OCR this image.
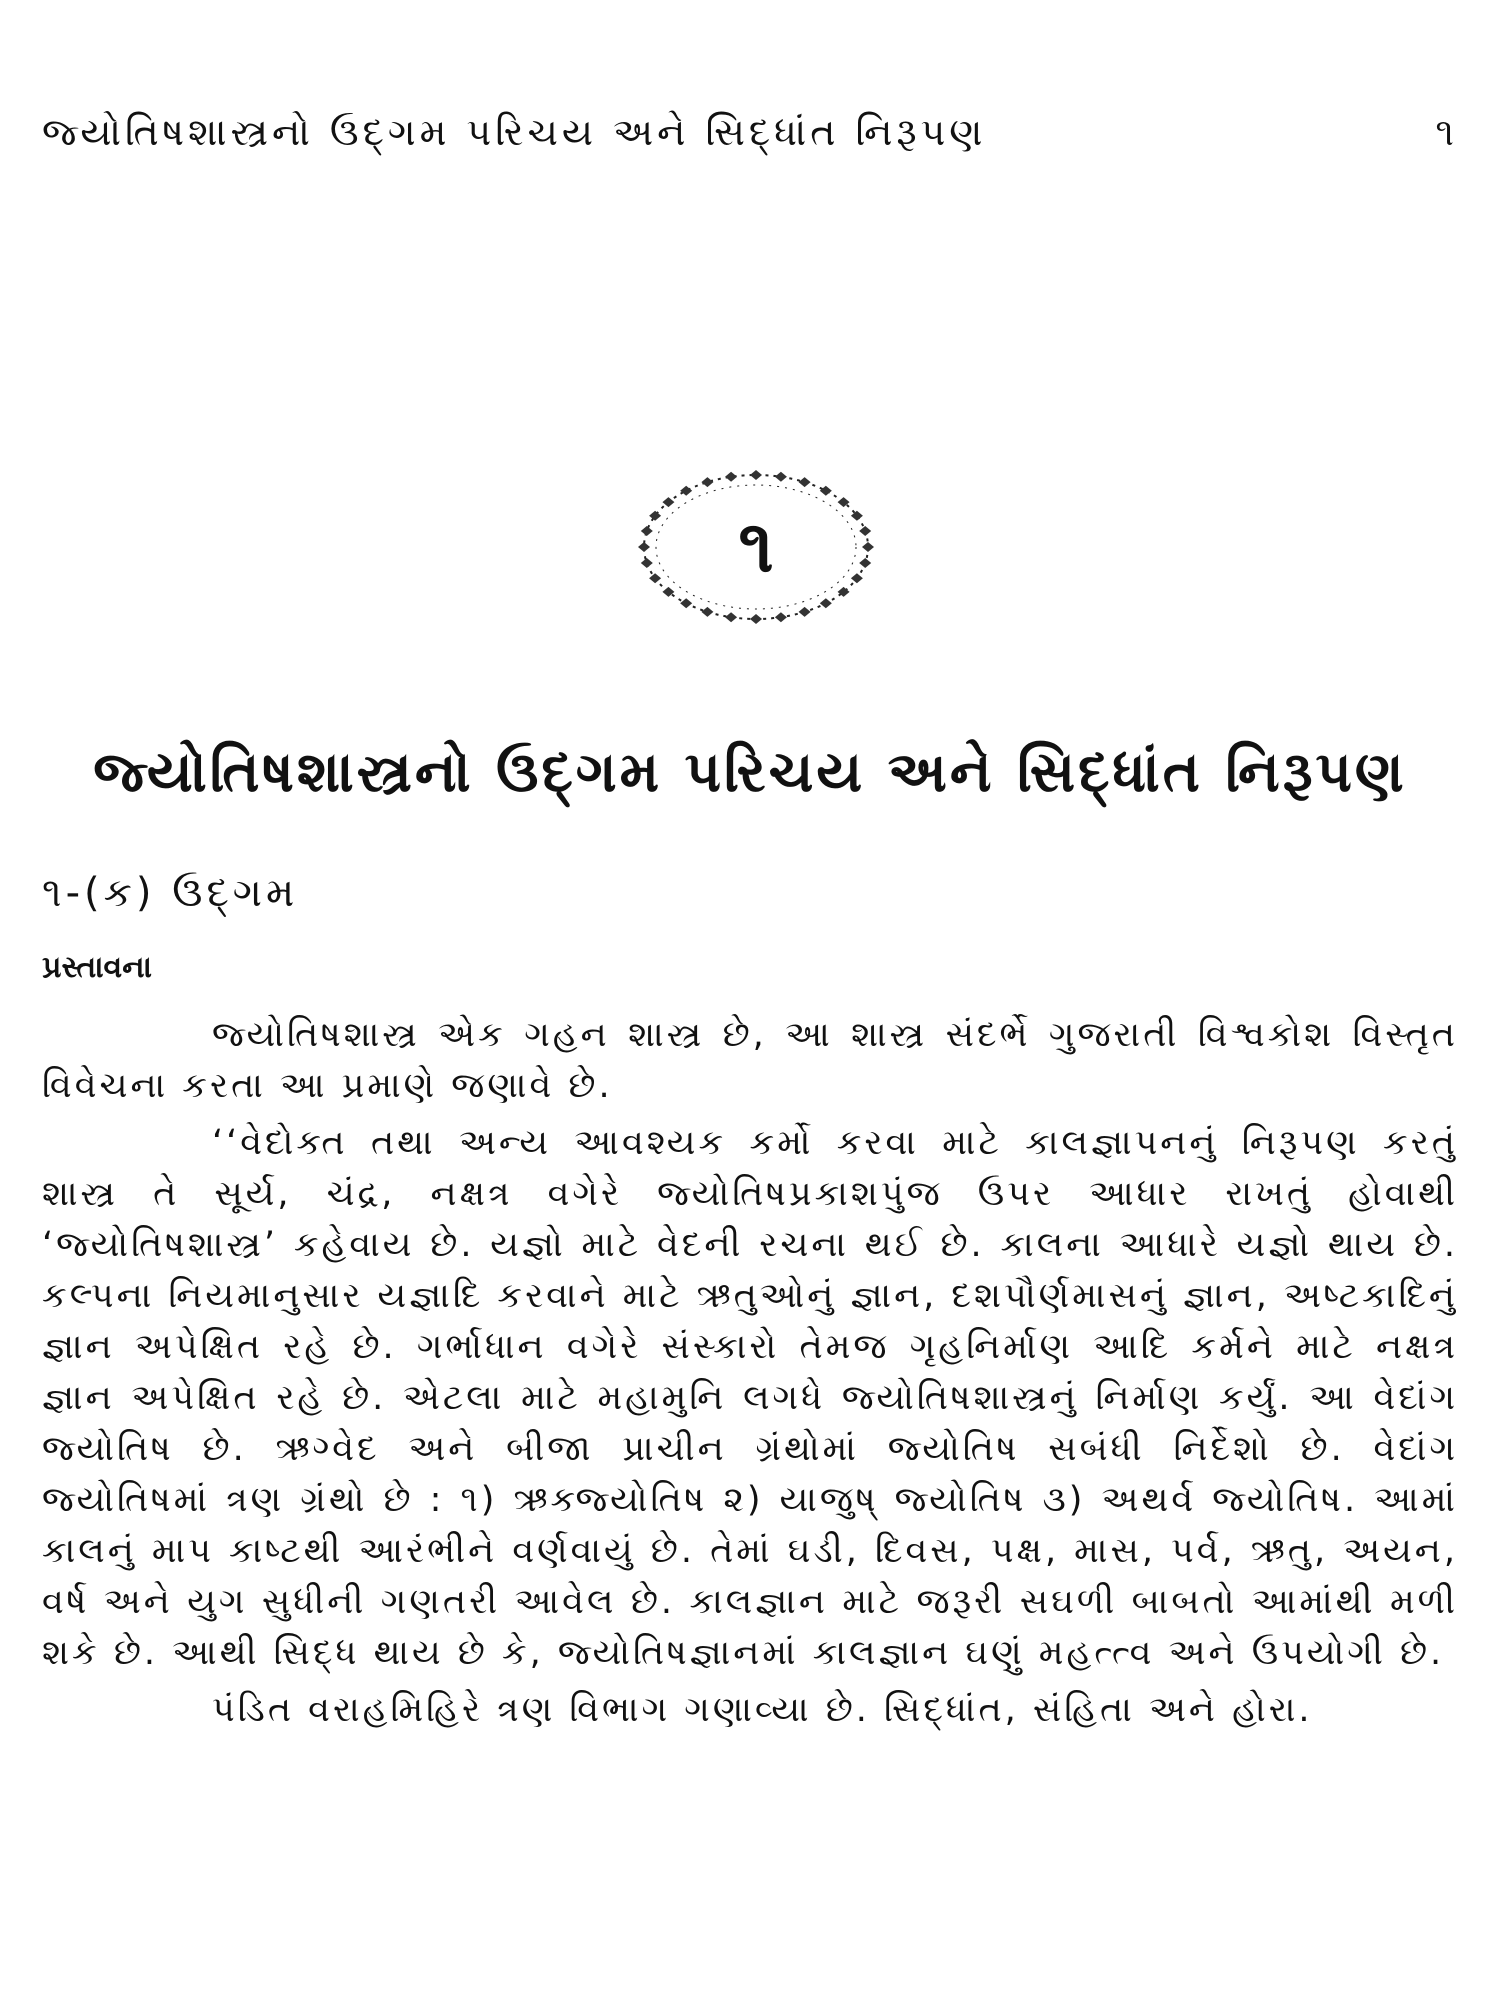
જ્યોતિષશાસ્ત્રનો ઉદ્ગમ પરિચય અને સિદ્ધાંત નિરૂપણ	૧
૧
જ્યોતિષશાસ્ત્રનો ઉદ્ગમ પરિચય અને સિદ્ધાંત નિરૂપણ
૧-(ક) ઉદ્ગમ
પ્રસ્તાવના

જ્યોતિષશાસ્ત્ર એક ગહન શાસ્ત્ર છે, આ શાસ્ત્ર સંદર્ભે ગુજરાતી વિશ્વકોશ વિસ્તૃત વિવેચના કરતા આ પ્રમાણે જણાવે છે.

‘‘વેદોક્ત તથા અન્ય આવશ્યક કર્મો કરવા માટે કાલજ્ઞાપનનું નિરૂપણ કરતું શાસ્ત્ર તે સૂર્ય, ચંદ્ર, નક્ષત્ર વગેરે જ્યોતિષપ્રકાશપુંજ ઉપર આધાર રાખતું હોવાથી ‘જ્યોતિષશાસ્ત્ર’ કહેવાય છે. યજ્ઞો માટે વેદની રચના થઈ છે. કાલના આધારે યજ્ઞો થાય છે. કલ્પના નિયમાનુસાર યજ્ઞાદિ કરવાને માટે ઋતુઓનું જ્ઞાન, દશપૌર્ણમાસનું જ્ઞાન, અષ્ટકાદિનું જ્ઞાન અપેક્ષિત રહે છે. ગર્ભાધાન વગેરે સંસ્કારો તેમજ ગૃહનિર્માણ આદિ કર્મને માટે નક્ષત્ર જ્ઞાન અપેક્ષિત રહે છે. એટલા માટે મહામુનિ લગધે જ્યોતિષશાસ્ત્રનું નિર્માણ કર્યું. આ વેદાંગ જ્યોતિષ છે. ઋગ્વેદ અને બીજા પ્રાચીન ગ્રંથોમાં જ્યોતિષ સબંધી નિર્દેશો છે. વેદાંગ જ્યોતિષમાં ત્રણ ગ્રંથો છે : ૧) ઋક્જ્યોતિષ ૨) યાજુષ્ જ્યોતિષ ૩) અથર્વ જ્યોતિષ. આમાં કાલનું માપ કાષ્ટથી આરંભીને વર્ણવાયું છે. તેમાં ઘડી, દિવસ, પક્ષ, માસ, પર્વ, ઋતુ, અયન, વર્ષ અને યુગ સુધીની ગણતરી આવેલ છે. કાલજ્ઞાન માટે જરૂરી સઘળી બાબતો આમાંથી મળી શકે છે. આથી સિદ્ધ થાય છે કે, જ્યોતિષજ્ઞાનમાં કાલજ્ઞાન ઘણું મહત્ત્વ અને ઉપયોગી છે.

પંડિત વરાહમિહિરે ત્રણ વિભાગ ગણાવ્યા છે. સિદ્ધાંત, સંહિતા અને હોરા.
